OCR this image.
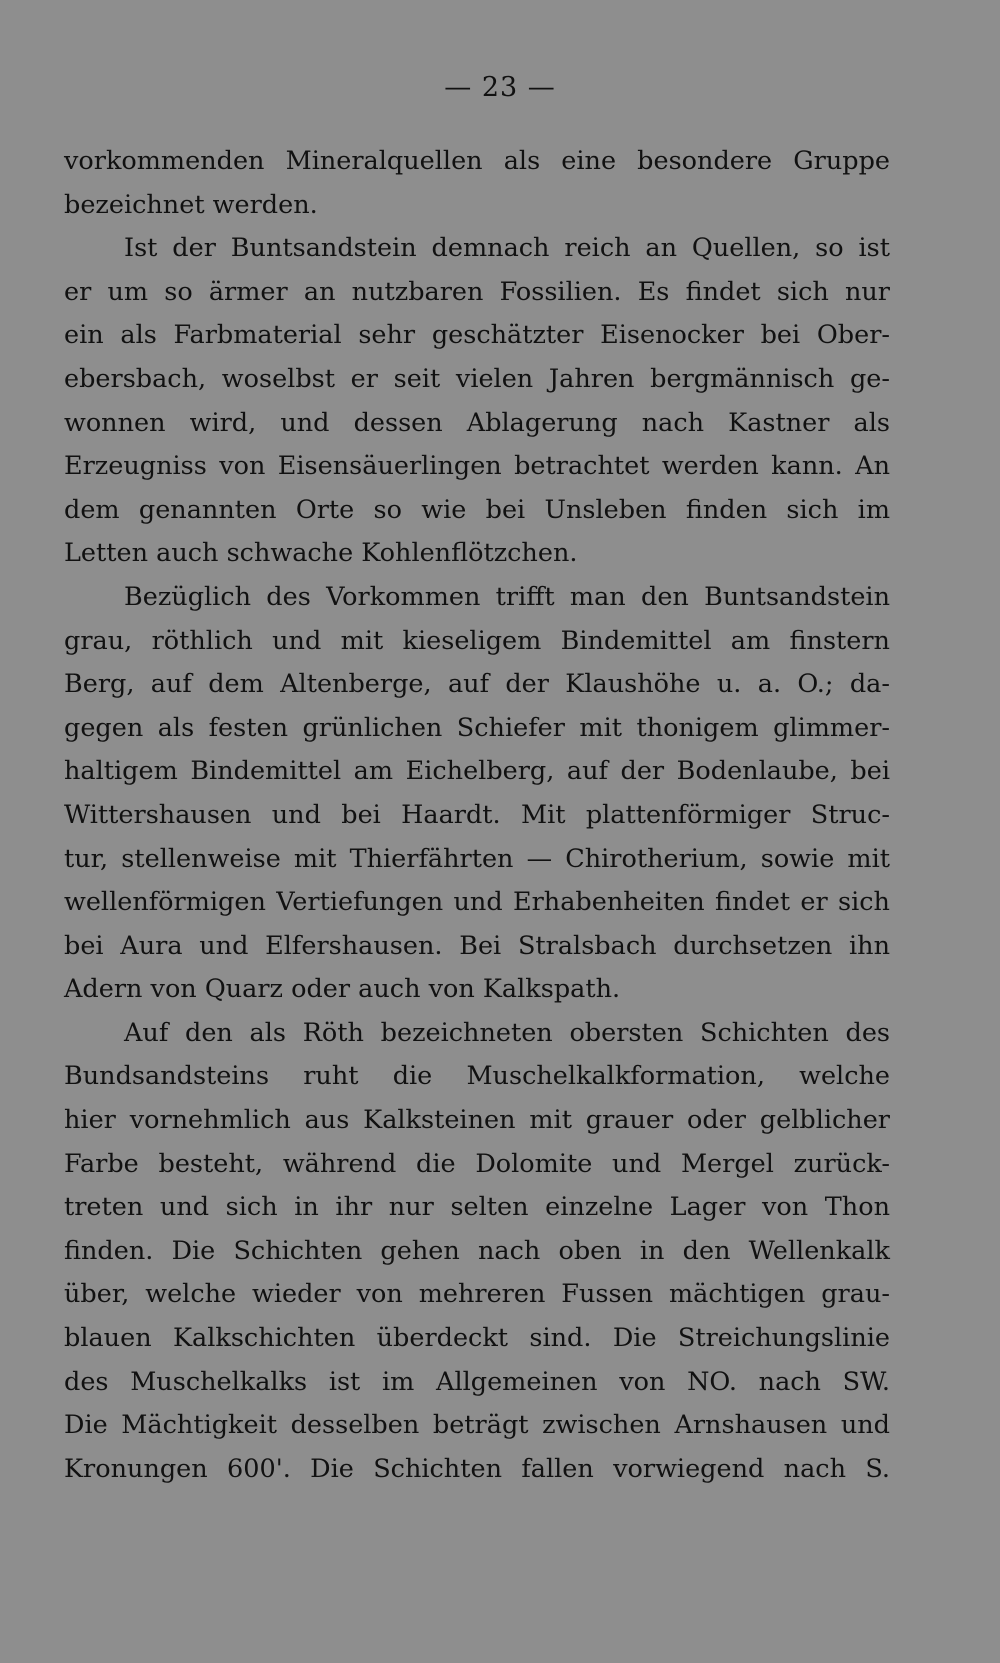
— 23 —
vorkommenden Mineralquellen als eine besondere Gruppe
bezeichnet werden.
Ist der Buntsandstein demnach reich an Quellen, so ist
er um so ärmer an nutzbaren Fossilien. Es findet sich nur
ein als Farbmaterial sehr geschätzter Eisenocker bei Ober-
ebersbach, woselbst er seit vielen Jahren bergmännisch ge-
wonnen wird, und dessen Ablagerung nach Kastner als
Erzeugniss von Eisensäuerlingen betrachtet werden kann. An
dem genannten Orte so wie bei Unsleben finden sich im
Letten auch schwache Kohlenflötzchen.
Bezüglich des Vorkommen trifft man den Buntsandstein
grau, röthlich und mit kieseligem Bindemittel am finstern
Berg, auf dem Altenberge, auf der Klaushöhe u. a. O.; da-
gegen als festen grünlichen Schiefer mit thonigem glimmer-
haltigem Bindemittel am Eichelberg, auf der Bodenlaube, bei
Wittershausen und bei Haardt. Mit plattenförmiger Struc-
tur, stellenweise mit Thierfährten — Chirotherium, sowie mit
wellenförmigen Vertiefungen und Erhabenheiten findet er sich
bei Aura und Elfershausen. Bei Stralsbach durchsetzen ihn
Adern von Quarz oder auch von Kalkspath.
Auf den als Röth bezeichneten obersten Schichten des
Bundsandsteins ruht die Muschelkalkformation, welche
hier vornehmlich aus Kalksteinen mit grauer oder gelblicher
Farbe besteht, während die Dolomite und Mergel zurück-
treten und sich in ihr nur selten einzelne Lager von Thon
finden. Die Schichten gehen nach oben in den Wellenkalk
über, welche wieder von mehreren Fussen mächtigen grau-
blauen Kalkschichten überdeckt sind. Die Streichungslinie
des Muschelkalks ist im Allgemeinen von NO. nach SW.
Die Mächtigkeit desselben beträgt zwischen Arnshausen und
Kronungen 600'. Die Schichten fallen vorwiegend nach S.
